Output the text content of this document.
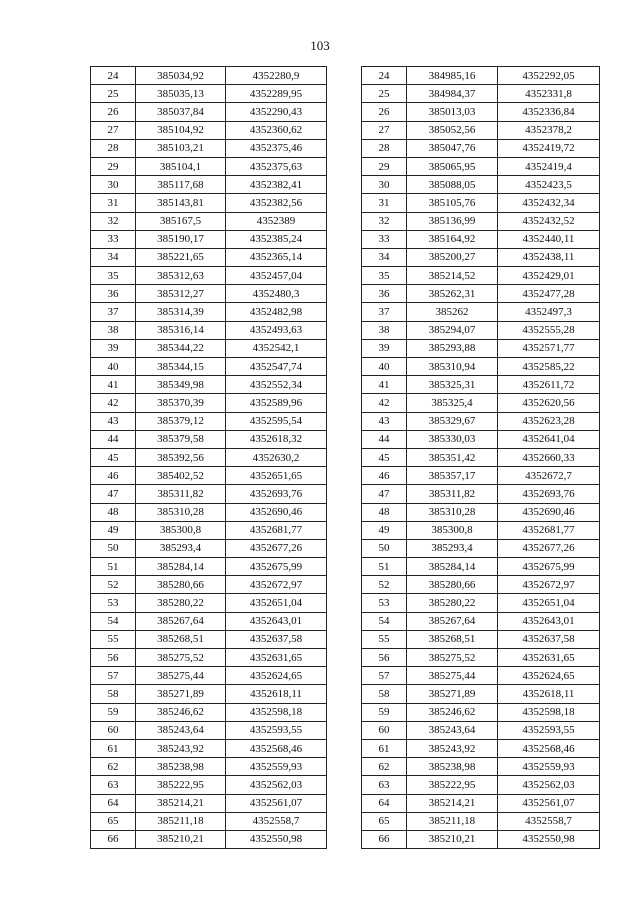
103
24	385034,92	4352280,9
25	385035,13	4352289,95
26	385037,84	4352290,43
27	385104,92	4352360,62
28	385103,21	4352375,46
29	385104,1	4352375,63
30	385117,68	4352382,41
31	385143,81	4352382,56
32	385167,5	4352389
33	385190,17	4352385,24
34	385221,65	4352365,14
35	385312,63	4352457,04
36	385312,27	4352480,3
37	385314,39	4352482,98
38	385316,14	4352493,63
39	385344,22	4352542,1
40	385344,15	4352547,74
41	385349,98	4352552,34
42	385370,39	4352589,96
43	385379,12	4352595,54
44	385379,58	4352618,32
45	385392,56	4352630,2
46	385402,52	4352651,65
47	385311,82	4352693,76
48	385310,28	4352690,46
49	385300,8	4352681,77
50	385293,4	4352677,26
51	385284,14	4352675,99
52	385280,66	4352672,97
53	385280,22	4352651,04
54	385267,64	4352643,01
55	385268,51	4352637,58
56	385275,52	4352631,65
57	385275,44	4352624,65
58	385271,89	4352618,11
59	385246,62	4352598,18
60	385243,64	4352593,55
61	385243,92	4352568,46
62	385238,98	4352559,93
63	385222,95	4352562,03
64	385214,21	4352561,07
65	385211,18	4352558,7
66	385210,21	4352550,98
24	384985,16	4352292,05
25	384984,37	4352331,8
26	385013,03	4352336,84
27	385052,56	4352378,2
28	385047,76	4352419,72
29	385065,95	4352419,4
30	385088,05	4352423,5
31	385105,76	4352432,34
32	385136,99	4352432,52
33	385164,92	4352440,11
34	385200,27	4352438,11
35	385214,52	4352429,01
36	385262,31	4352477,28
37	385262	4352497,3
38	385294,07	4352555,28
39	385293,88	4352571,77
40	385310,94	4352585,22
41	385325,31	4352611,72
42	385325,4	4352620,56
43	385329,67	4352623,28
44	385330,03	4352641,04
45	385351,42	4352660,33
46	385357,17	4352672,7
47	385311,82	4352693,76
48	385310,28	4352690,46
49	385300,8	4352681,77
50	385293,4	4352677,26
51	385284,14	4352675,99
52	385280,66	4352672,97
53	385280,22	4352651,04
54	385267,64	4352643,01
55	385268,51	4352637,58
56	385275,52	4352631,65
57	385275,44	4352624,65
58	385271,89	4352618,11
59	385246,62	4352598,18
60	385243,64	4352593,55
61	385243,92	4352568,46
62	385238,98	4352559,93
63	385222,95	4352562,03
64	385214,21	4352561,07
65	385211,18	4352558,7
66	385210,21	4352550,98
